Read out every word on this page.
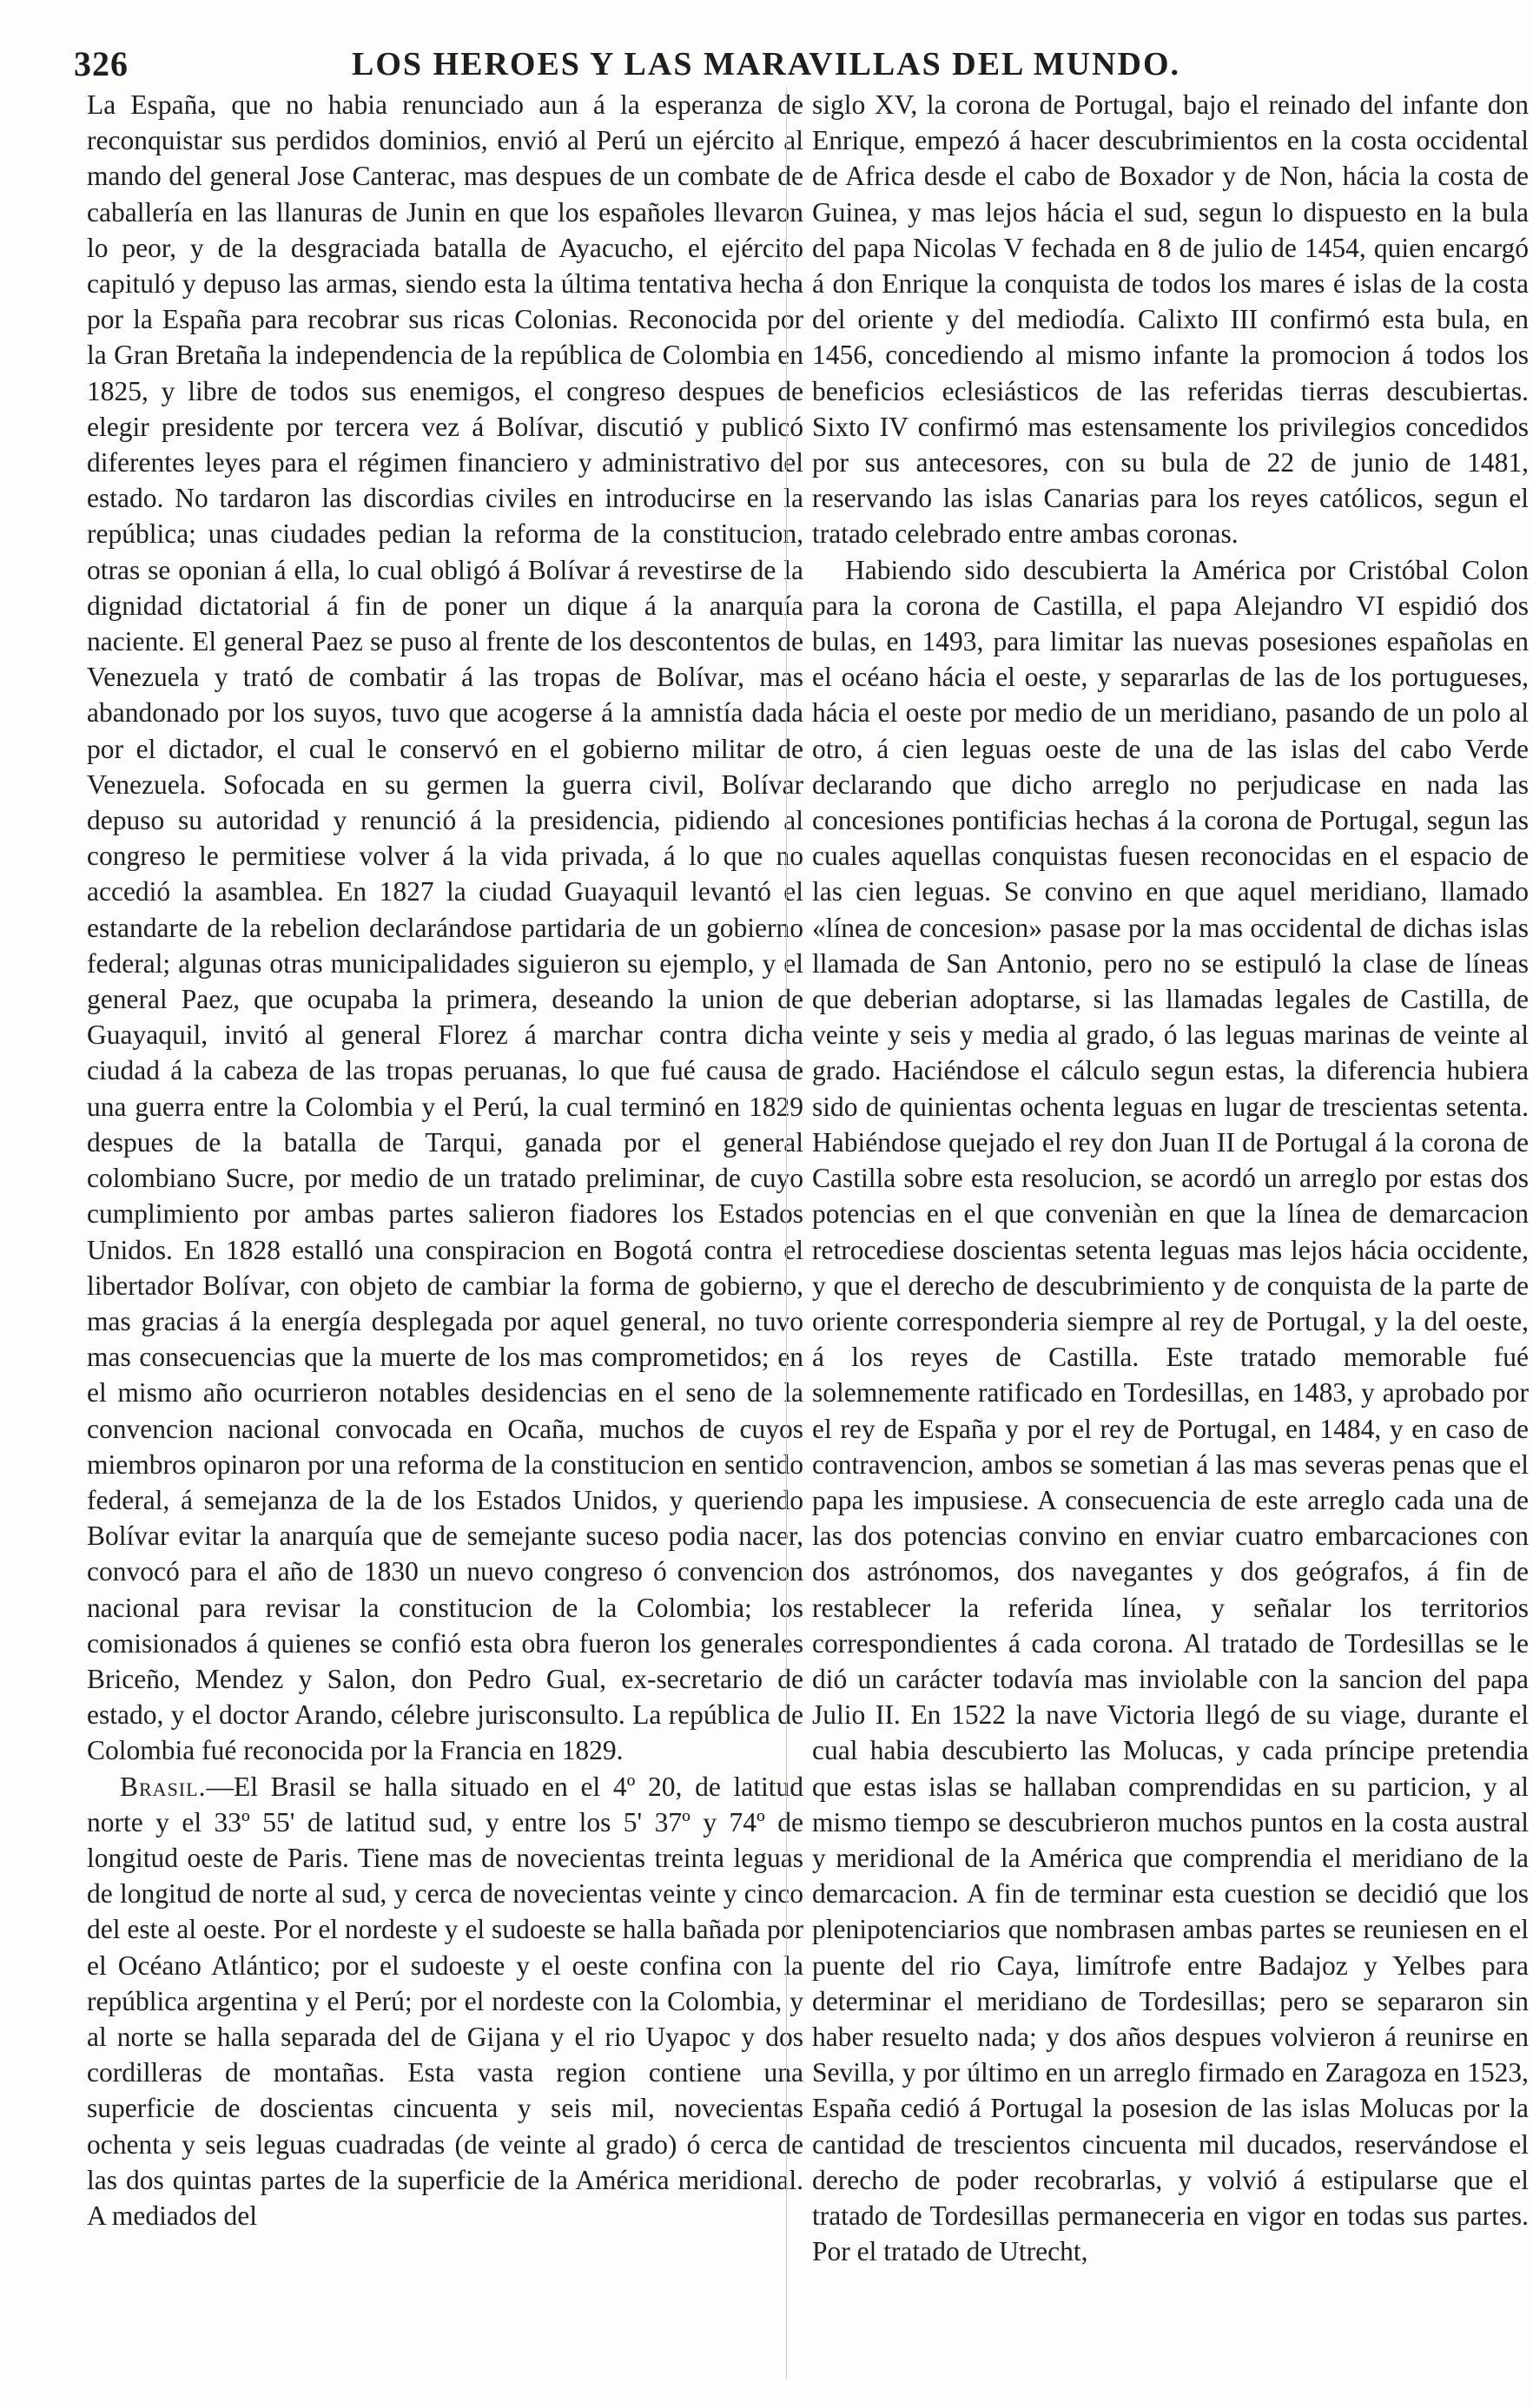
326	LOS HEROES Y LAS MARAVILLAS DEL MUNDO.

La España, que no habia renunciado aun á la esperanza de reconquistar sus perdidos dominios, envió al Perú un ejército al mando del general Jose Canterac, mas despues de un combate de caballería en las llanuras de Junin en que los españoles llevaron lo peor, y de la desgraciada batalla de Ayacucho, el ejército capituló y depuso las armas, siendo esta la última tentativa hecha por la España para recobrar sus ricas Colonias. Reconocida por la Gran Bretaña la independencia de la república de Colombia en 1825, y libre de todos sus enemigos, el congreso despues de elegir presidente por tercera vez á Bolívar, discutió y publicó diferentes leyes para el régimen financiero y administrativo del estado. No tardaron las discordias civiles en introducirse en la república; unas ciudades pedian la reforma de la constitucion, otras se oponian á ella, lo cual obligó á Bolívar á revestirse de la dignidad dictatorial á fin de poner un dique á la anarquía naciente. El general Paez se puso al frente de los descontentos de Venezuela y trató de combatir á las tropas de Bolívar, mas abandonado por los suyos, tuvo que acogerse á la amnistía dada por el dictador, el cual le conservó en el gobierno militar de Venezuela. Sofocada en su germen la guerra civil, Bolívar depuso su autoridad y renunció á la presidencia, pidiendo al congreso le permitiese volver á la vida privada, á lo que no accedió la asamblea. En 1827 la ciudad Guayaquil levantó el estandarte de la rebelion declarándose partidaria de un gobierno federal; algunas otras municipalidades siguieron su ejemplo, y el general Paez, que ocupaba la primera, deseando la union de Guayaquil, invitó al general Florez á marchar contra dicha ciudad á la cabeza de las tropas peruanas, lo que fué causa de una guerra entre la Colombia y el Perú, la cual terminó en 1829 despues de la batalla de Tarqui, ganada por el general colombiano Sucre, por medio de un tratado preliminar, de cuyo cumplimiento por ambas partes salieron fiadores los Estados Unidos. En 1828 estalló una conspiracion en Bogotá contra el libertador Bolívar, con objeto de cambiar la forma de gobierno, mas gracias á la energía desplegada por aquel general, no tuvo mas consecuencias que la muerte de los mas comprometidos; en el mismo año ocurrieron notables desidencias en el seno de la convencion nacional convocada en Ocaña, muchos de cuyos miembros opinaron por una reforma de la constitucion en sentido federal, á semejanza de la de los Estados Unidos, y queriendo Bolívar evitar la anarquía que de semejante suceso podia nacer, convocó para el año de 1830 un nuevo congreso ó convencion nacional para revisar la constitucion de la Colombia; los comisionados á quienes se confió esta obra fueron los generales Briceño, Mendez y Salon, don Pedro Gual, ex-secretario de estado, y el doctor Arando, célebre jurisconsulto. La república de Colombia fué reconocida por la Francia en 1829.

Brasil.—El Brasil se halla situado en el 4º 20, de latitud norte y el 33º 55' de latitud sud, y entre los 5' 37º y 74º de longitud oeste de Paris. Tiene mas de novecientas treinta leguas de longitud de norte al sud, y cerca de novecientas veinte y cinco del este al oeste. Por el nordeste y el sudoeste se halla bañada por el Océano Atlántico; por el sudoeste y el oeste confina con la república argentina y el Perú; por el nordeste con la Colombia, y al norte se halla separada del de Gijana y el rio Uyapoc y dos cordilleras de montañas. Esta vasta region contiene una superficie de doscientas cincuenta y seis mil, novecientas ochenta y seis leguas cuadradas (de veinte al grado) ó cerca de las dos quintas partes de la superficie de la América meridional. A mediados del

siglo XV, la corona de Portugal, bajo el reinado del infante don Enrique, empezó á hacer descubrimientos en la costa occidental de Africa desde el cabo de Boxador y de Non, hácia la costa de Guinea, y mas lejos hácia el sud, segun lo dispuesto en la bula del papa Nicolas V fechada en 8 de julio de 1454, quien encargó á don Enrique la conquista de todos los mares é islas de la costa del oriente y del mediodía. Calixto III confirmó esta bula, en 1456, concediendo al mismo infante la promocion á todos los beneficios eclesiásticos de las referidas tierras descubiertas. Sixto IV confirmó mas estensamente los privilegios concedidos por sus antecesores, con su bula de 22 de junio de 1481, reservando las islas Canarias para los reyes católicos, segun el tratado celebrado entre ambas coronas.

Habiendo sido descubierta la América por Cristóbal Colon para la corona de Castilla, el papa Alejandro VI espidió dos bulas, en 1493, para limitar las nuevas posesiones españolas en el océano hácia el oeste, y separarlas de las de los portugueses, hácia el oeste por medio de un meridiano, pasando de un polo al otro, á cien leguas oeste de una de las islas del cabo Verde declarando que dicho arreglo no perjudicase en nada las concesiones pontificias hechas á la corona de Portugal, segun las cuales aquellas conquistas fuesen reconocidas en el espacio de las cien leguas. Se convino en que aquel meridiano, llamado «línea de concesion» pasase por la mas occidental de dichas islas llamada de San Antonio, pero no se estipuló la clase de líneas que deberian adoptarse, si las llamadas legales de Castilla, de veinte y seis y media al grado, ó las leguas marinas de veinte al grado. Haciéndose el cálculo segun estas, la diferencia hubiera sido de quinientas ochenta leguas en lugar de trescientas setenta. Habiéndose quejado el rey don Juan II de Portugal á la corona de Castilla sobre esta resolucion, se acordó un arreglo por estas dos potencias en el que conveniàn en que la línea de demarcacion retrocediese doscientas setenta leguas mas lejos hácia occidente, y que el derecho de descubrimiento y de conquista de la parte de oriente corresponderia siempre al rey de Portugal, y la del oeste, á los reyes de Castilla. Este tratado memorable fué solemnemente ratificado en Tordesillas, en 1483, y aprobado por el rey de España y por el rey de Portugal, en 1484, y en caso de contravencion, ambos se sometian á las mas severas penas que el papa les impusiese. A consecuencia de este arreglo cada una de las dos potencias convino en enviar cuatro embarcaciones con dos astrónomos, dos navegantes y dos geógrafos, á fin de restablecer la referida línea, y señalar los territorios correspondientes á cada corona. Al tratado de Tordesillas se le dió un carácter todavía mas inviolable con la sancion del papa Julio II. En 1522 la nave Victoria llegó de su viage, durante el cual habia descubierto las Molucas, y cada príncipe pretendia que estas islas se hallaban comprendidas en su particion, y al mismo tiempo se descubrieron muchos puntos en la costa austral y meridional de la América que comprendia el meridiano de la demarcacion. A fin de terminar esta cuestion se decidió que los plenipotenciarios que nombrasen ambas partes se reuniesen en el puente del rio Caya, limítrofe entre Badajoz y Yelbes para determinar el meridiano de Tordesillas; pero se separaron sin haber resuelto nada; y dos años despues volvieron á reunirse en Sevilla, y por último en un arreglo firmado en Zaragoza en 1523, España cedió á Portugal la posesion de las islas Molucas por la cantidad de trescientos cincuenta mil ducados, reservándose el derecho de poder recobrarlas, y volvió á estipularse que el tratado de Tordesillas permaneceria en vigor en todas sus partes. Por el tratado de Utrecht,
